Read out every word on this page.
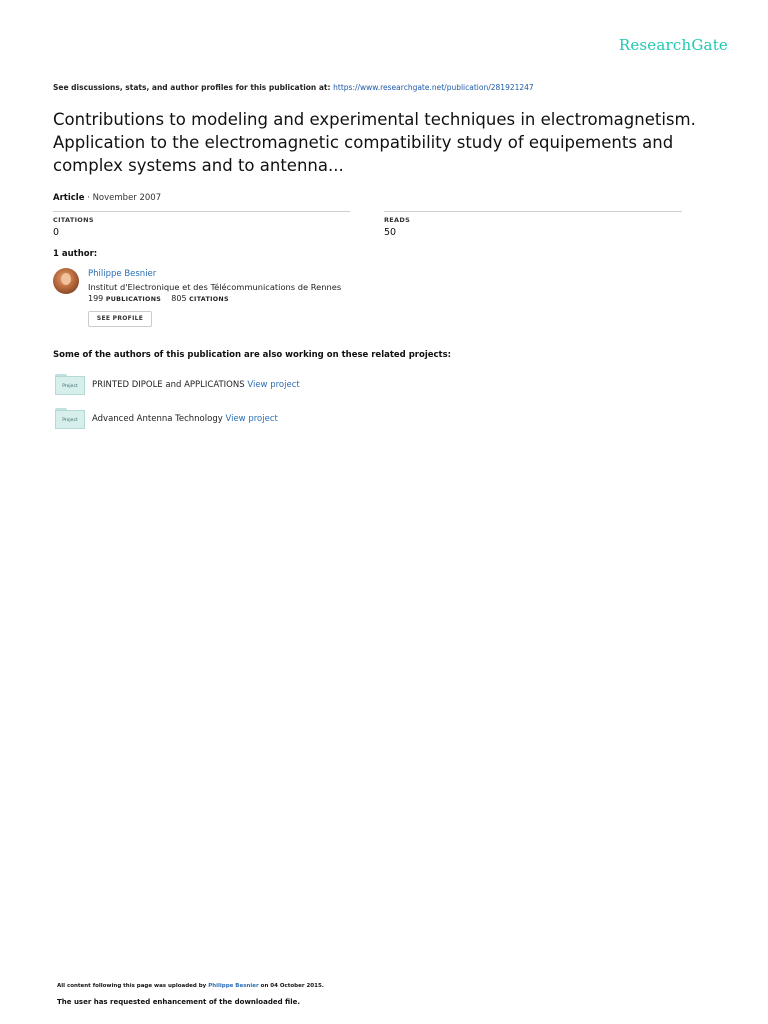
ResearchGate
See discussions, stats, and author profiles for this publication at: https://www.researchgate.net/publication/281921247
Contributions to modeling and experimental techniques in electromagnetism. Application to the electromagnetic compatibility study of equipements and complex systems and to antenna...
Article · November 2007
CITATIONS
0
READS
50
1 author:
Philippe Besnier
Institut d'Electronique et des Télécommunications de Rennes
199 PUBLICATIONS 805 CITATIONS
SEE PROFILE
Some of the authors of this publication are also working on these related projects:
Project	PRINTED DIPOLE and APPLICATIONS View project
Project	Advanced Antenna Technology View project
All content following this page was uploaded by Philippe Besnier on 04 October 2015.
The user has requested enhancement of the downloaded file.
